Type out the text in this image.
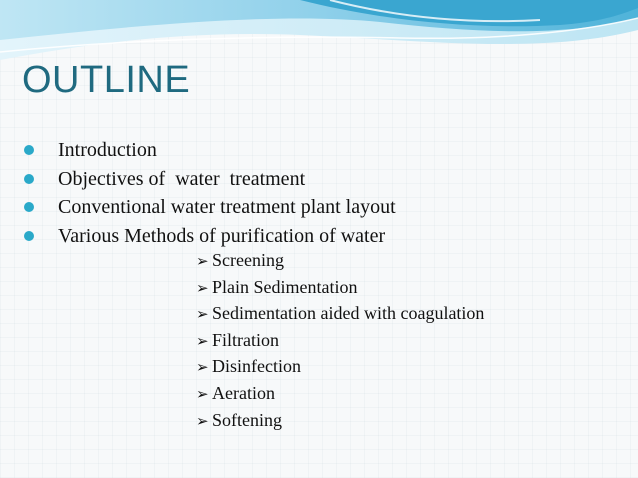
OUTLINE
Introduction
Objectives of  water  treatment
Conventional water treatment plant layout
Various Methods of purification of water
➢ Screening
➢ Plain Sedimentation
➢ Sedimentation aided with coagulation
➢ Filtration
➢ Disinfection
➢ Aeration
➢ Softening
